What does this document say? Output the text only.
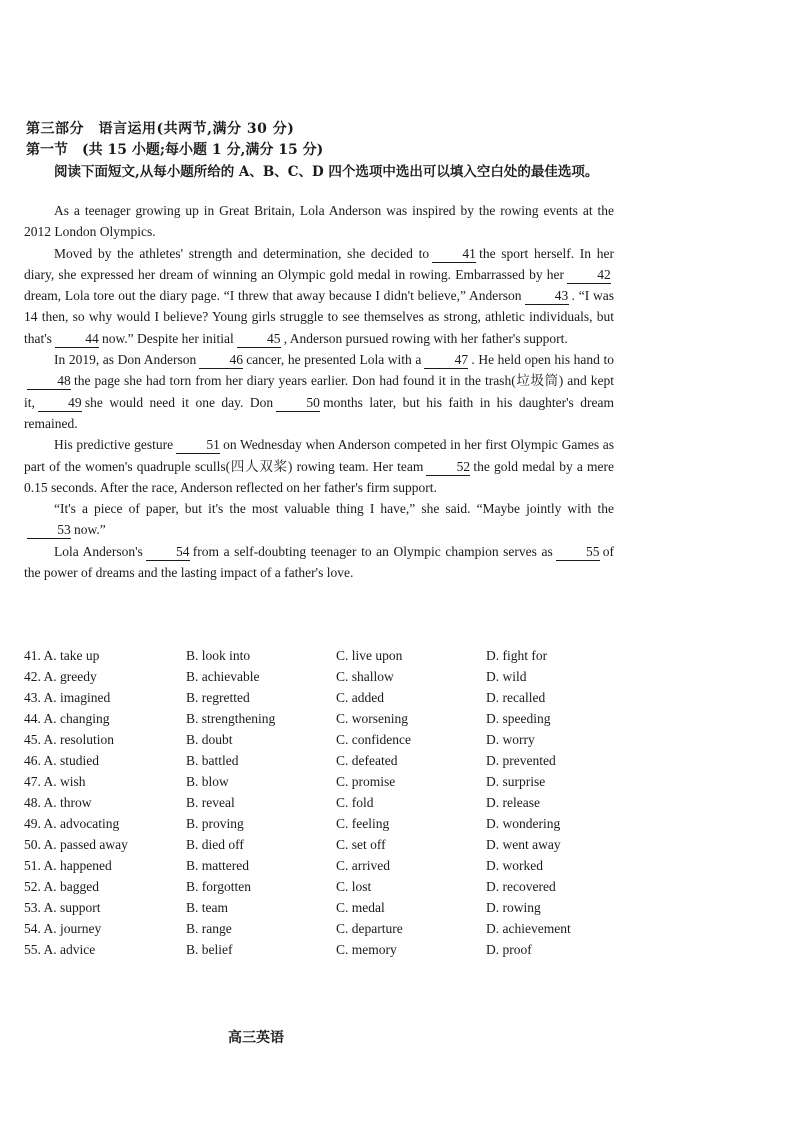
第三部分　语言运用(共两节,满分 30 分)
第一节　(共 15 小题;每小题 1 分,满分 15 分)
阅读下面短文,从每小题所给的 A、B、C、D 四个选项中选出可以填入空白处的最佳选项。

As a teenager growing up in Great Britain, Lola Anderson was inspired by the rowing events at the 2012 London Olympics.

Moved by the athletes' strength and determination, she decided to 41 the sport herself. In her diary, she expressed her dream of winning an Olympic gold medal in rowing. Embarrassed by her 42dream, Lola tore out the diary page. “I threw that away because I didn't believe,” Anderson 43 . “I was 14 then, so why would I believe? Young girls struggle to see themselves as strong, athletic individuals, but that's 44 now.” Despite her initial 45 , Anderson pursued rowing with her father's support.

In 2019, as Don Anderson 46 cancer, he presented Lola with a 47 . He held open his hand to48 the page she had torn from her diary years earlier. Don had found it in the trash(垃圾筒) and kept it, 49 she would need it one day. Don 50 months later, but his faith in his daughter's dream remained.

His predictive gesture 51 on Wednesday when Anderson competed in her first Olympic Games as part of the women's quadruple sculls(四人双桨) rowing team. Her team 52 the gold medal by a mere 0.15 seconds. After the race, Anderson reflected on her father's firm support.

“It's a piece of paper, but it's the most valuable thing I have,” she said. “Maybe jointly with the53 now.”

Lola Anderson's 54 from a self-doubting teenager to an Olympic champion serves as 55 of the power of dreams and the lasting impact of a father's love.

41. A. take up	B. look into	C. live upon	D. fight for
42. A. greedy	B. achievable	C. shallow	D. wild
43. A. imagined	B. regretted	C. added	D. recalled
44. A. changing	B. strengthening	C. worsening	D. speeding
45. A. resolution	B. doubt	C. confidence	D. worry
46. A. studied	B. battled	C. defeated	D. prevented
47. A. wish	B. blow	C. promise	D. surprise
48. A. throw	B. reveal	C. fold	D. release
49. A. advocating	B. proving	C. feeling	D. wondering
50. A. passed away	B. died off	C. set off	D. went away
51. A. happened	B. mattered	C. arrived	D. worked
52. A. bagged	B. forgotten	C. lost	D. recovered
53. A. support	B. team	C. medal	D. rowing
54. A. journey	B. range	C. departure	D. achievement
55. A. advice	B. belief	C. memory	D. proof
高三英语
